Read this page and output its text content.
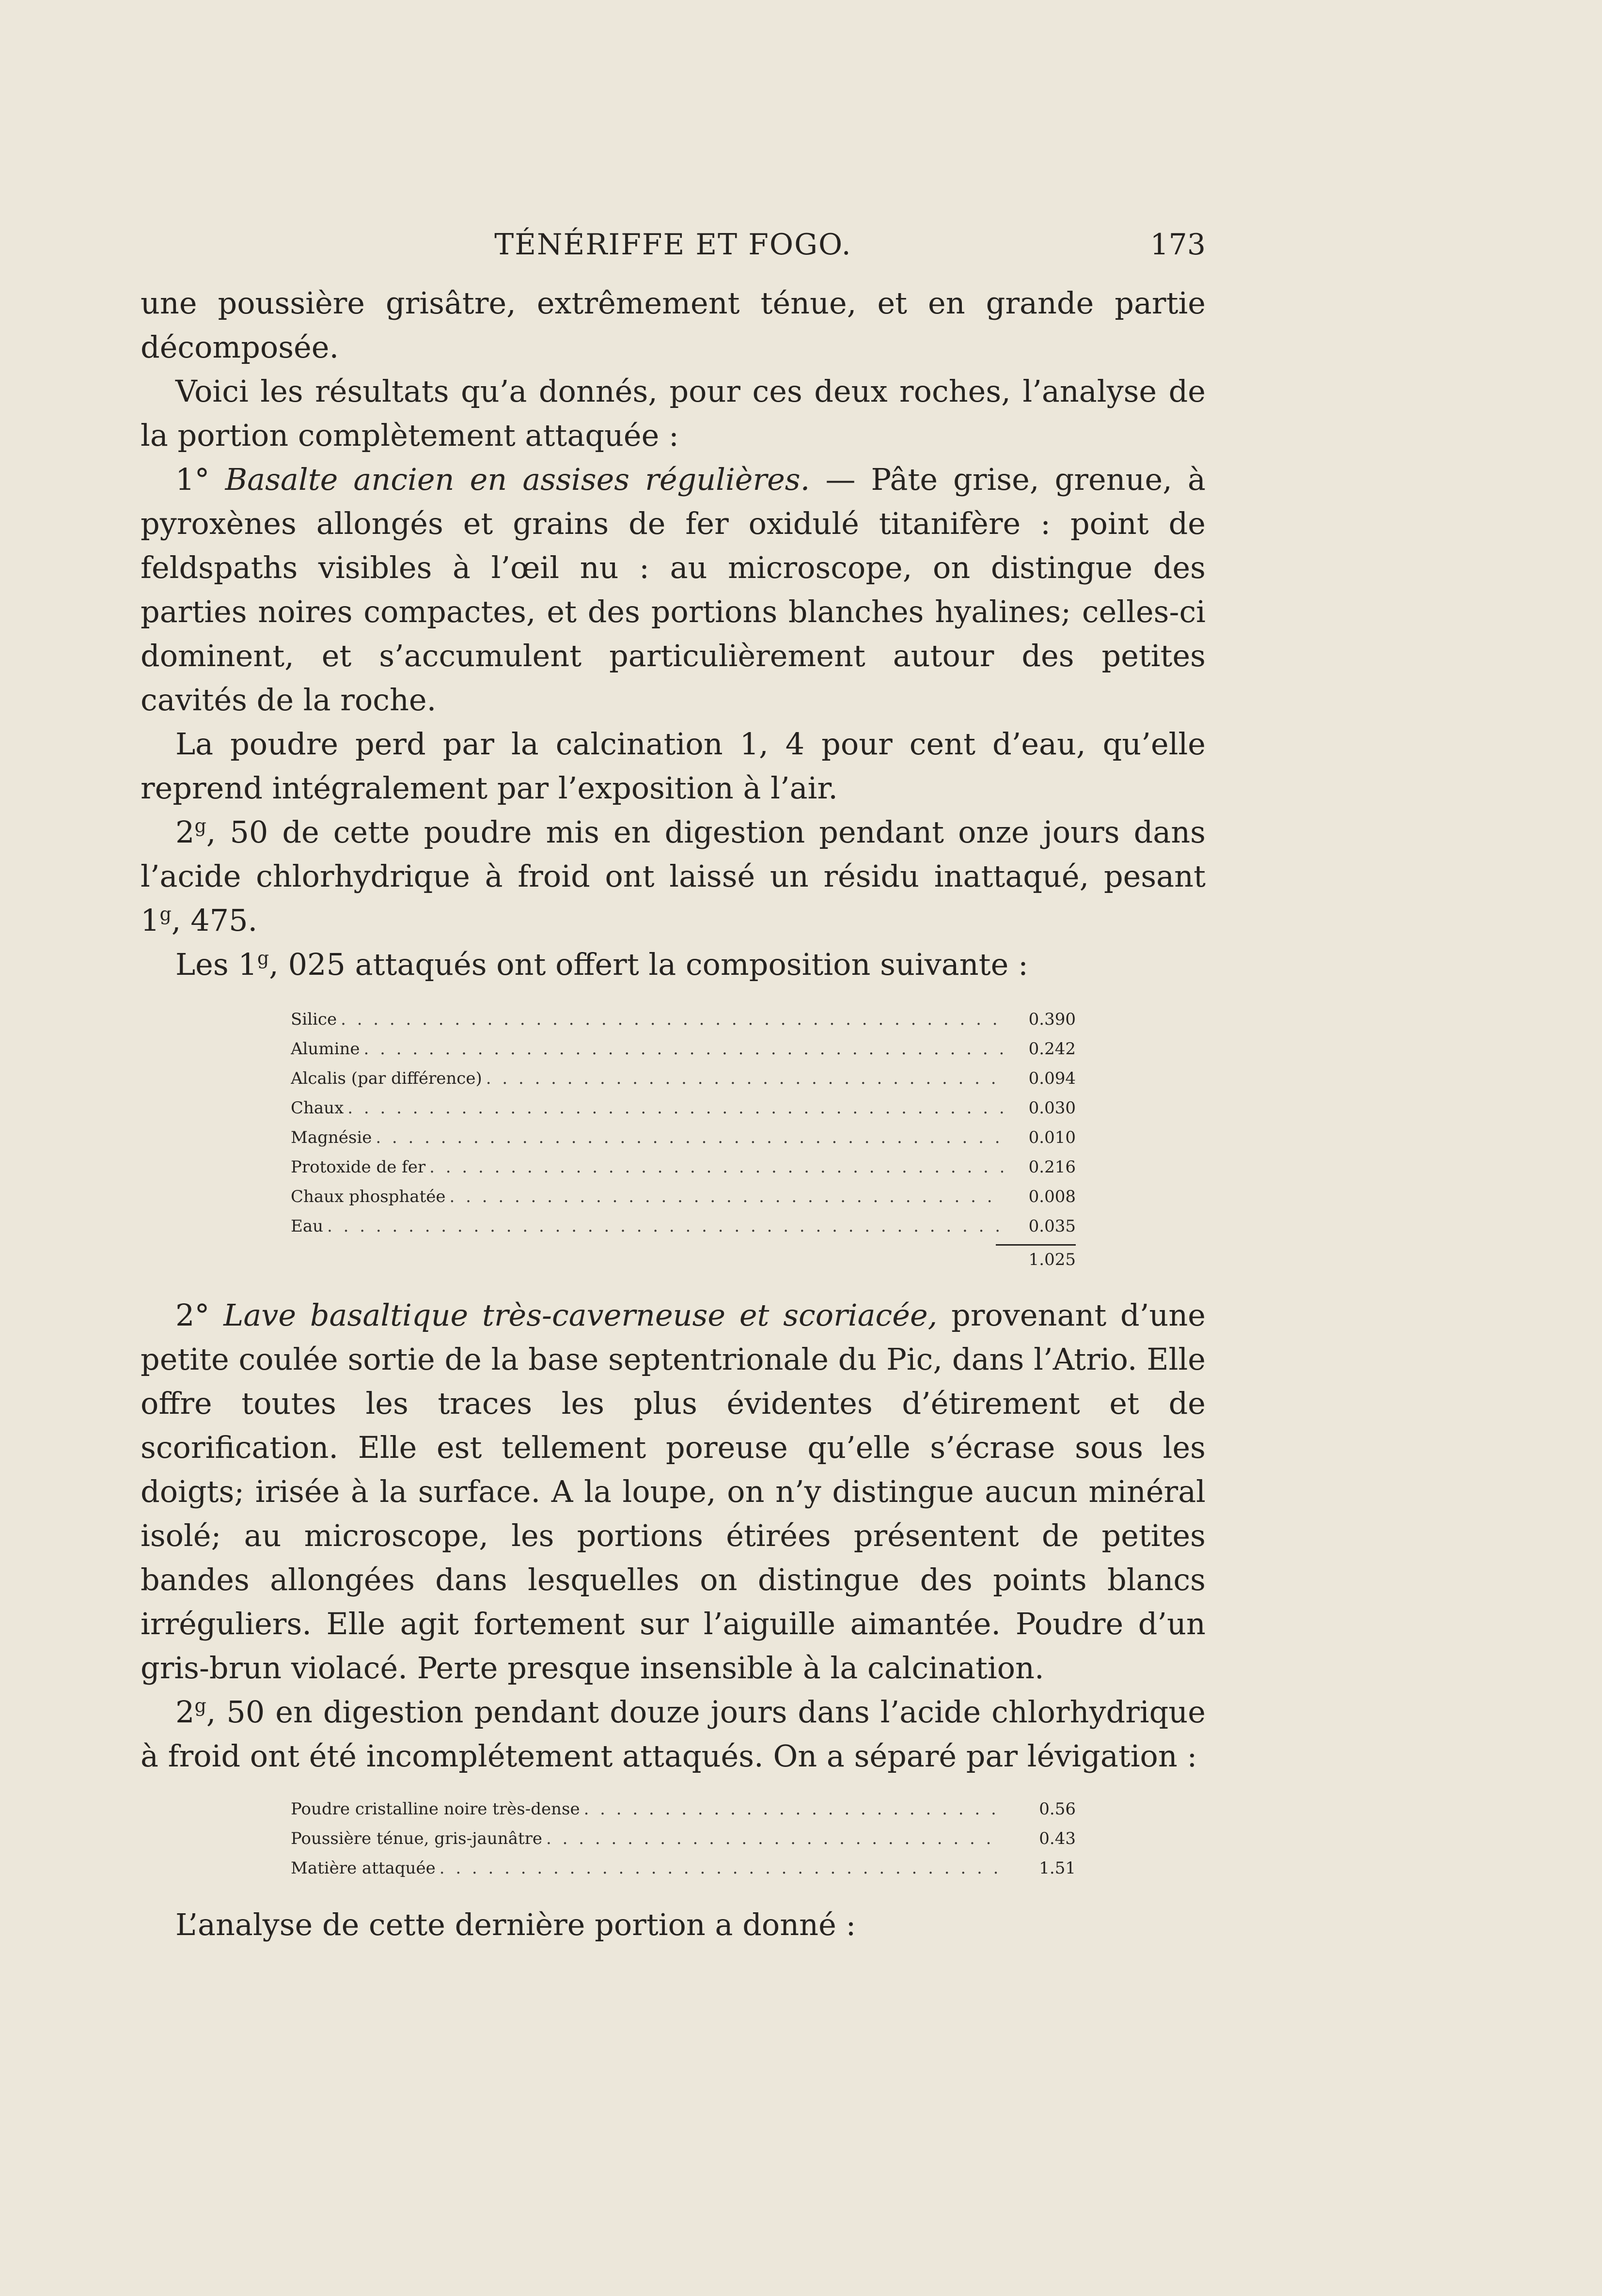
TÉNÉRIFFE ET FOGO.	173

une poussière grisâtre, extrêmement ténue, et en grande partie décomposée.

Voici les résultats qu’a donnés, pour ces deux roches, l’analyse de la portion complètement attaquée :

1° Basalte ancien en assises régulières. — Pâte grise, grenue, à pyroxènes allongés et grains de fer oxidulé titanifère : point de feldspaths visibles à l’œil nu : au microscope, on distingue des parties noires compactes, et des portions blanches hyalines; celles-ci dominent, et s’accumulent particulièrement autour des petites cavités de la roche.

La poudre perd par la calcination 1, 4 pour cent d’eau, qu’elle reprend intégralement par l’exposition à l’air.

2$^g$, 50 de cette poudre mis en digestion pendant onze jours dans l’acide chlorhydrique à froid ont laissé un résidu inattaqué, pesant 1$^g$, 475.

Les 1$^g$, 025 attaqués ont offert la composition suivante :

Silice . . .	0.390
Alumine . . .	0.242
Alcalis (par différence) . . .	0.094
Chaux . . .	0.030
Magnésie . . .	0.010
Protoxide de fer . . .	0.216
Chaux phosphatée . . .	0.008
Eau . . .	0.035
1.025

2° Lave basaltique très-caverneuse et scoriacée, provenant d’une petite coulée sortie de la base septentrionale du Pic, dans l’Atrio. Elle offre toutes les traces les plus évidentes d’étirement et de scorification. Elle est tellement poreuse qu’elle s’écrase sous les doigts; irisée à la surface. A la loupe, on n’y distingue aucun minéral isolé; au microscope, les portions étirées présentent de petites bandes allongées dans lesquelles on distingue des points blancs irréguliers. Elle agit fortement sur l’aiguille aimantée. Poudre d’un gris-brun violacé. Perte presque insensible à la calcination.

2$^g$, 50 en digestion pendant douze jours dans l’acide chlorhydrique à froid ont été incomplétement attaqués. On a séparé par lévigation :

Poudre cristalline noire très-dense . . .	0.56
Poussière ténue, gris-jaunâtre . . .	0.43
Matière attaquée . . .	1.51

L’analyse de cette dernière portion a donné :
